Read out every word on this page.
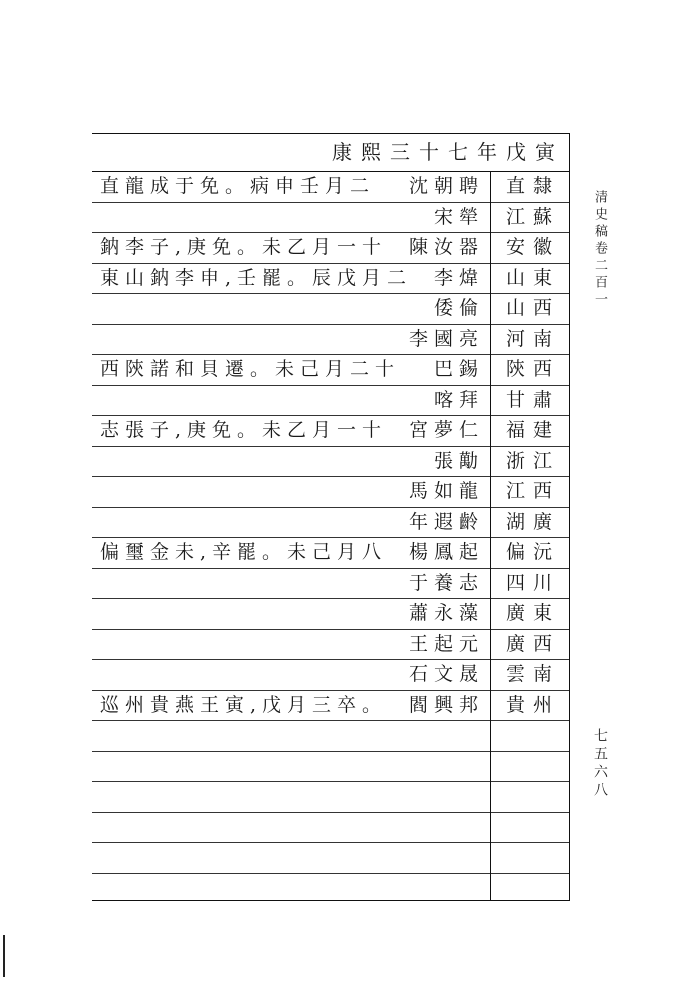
康熙三十七年戊寅
直隸
沈朝聘
直龍成于免。病申壬月二
江蘇
宋犖
安徽
陳汝器
鈉李子,庚免。未乙月一十
山東
李煒
東山鈉李申,壬罷。辰戊月二
山西
倭倫
河南
李國亮
陝西
巴錫
西陝諾和貝遷。未己月二十
甘肅
喀拜
福建
宮夢仁
志張子,庚免。未乙月一十
浙江
張勱
江西
馬如龍
湖廣
年遐齡
偏沅
楊鳳起
偏璽金未,辛罷。未己月八
四川
于養志
廣東
蕭永藻
廣西
王起元
雲南
石文晟
貴州
閻興邦
巡州貴燕王寅,戊月三卒。
清史稿卷二百一
七五六八
